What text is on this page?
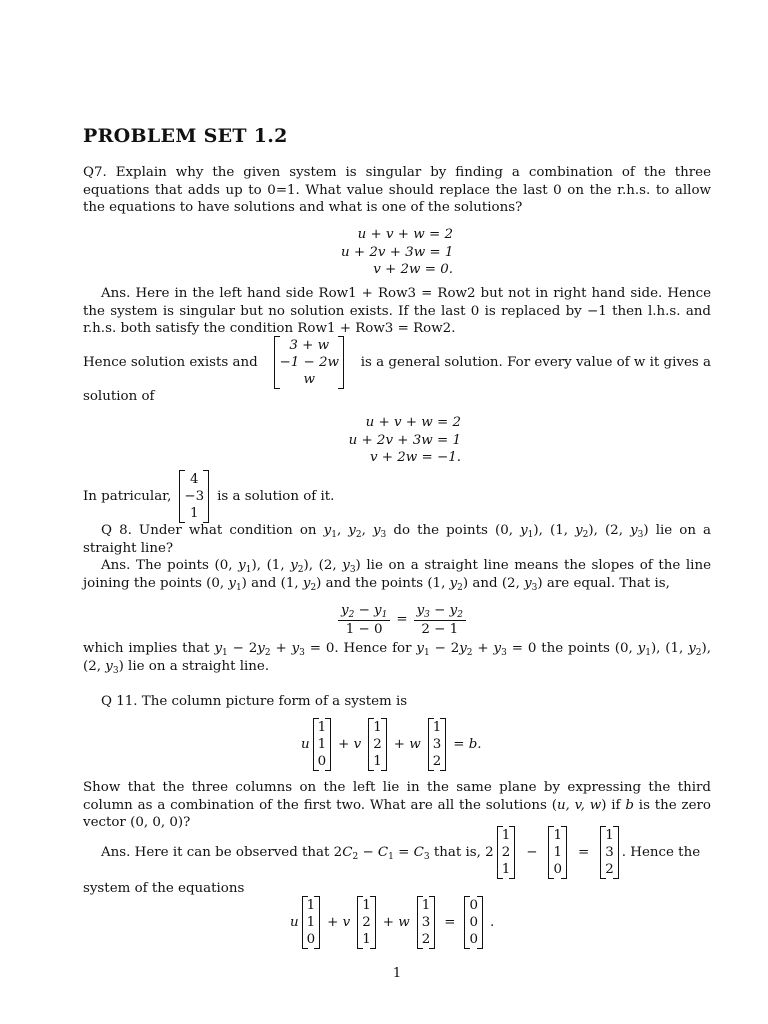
PROBLEM SET 1.2
Q7. Explain why the given system is singular by finding a combination of the three equations that adds up to 0=1. What value should replace the last 0 on the r.h.s. to allow the equations to have solutions and what is one of the solutions?
u + v + w = 2
u + 2v + 3w = 1
v + 2w = 0.
Ans. Here in the left hand side Row1 + Row3 = Row2 but not in right hand side. Hence the system is singular but no solution exists. If the last 0 is replaced by −1 then l.h.s. and r.h.s. both satisfy the condition Row1 + Row3 = Row2.
Hence solution exists and
3 + w
−1 − 2w
w
is a general solution. For every value of w it gives a
solution of
u + v + w = 2
u + 2v + 3w = 1
v + 2w = −1.
In patricular,
4
−3
1
is a solution of it.
Q 8. Under what condition on $y_1$, $y_2$, $y_3$ do the points (0, $y_1$), (1, $y_2$), (2, $y_3$) lie on a straight line?
Ans. The points (0, $y_1$), (1, $y_2$), (2, $y_3$) lie on a straight line means the slopes of the line joining the points (0, $y_1$) and (1, $y_2$) and the points (1, $y_2$) and (2, $y_3$) are equal. That is,
$\frac{y_2 - y_1}{1 - 0} = \frac{y_3 - y_2}{2 - 1}$
which implies that $y_1 - 2y_2 + y_3 = 0$. Hence for $y_1 - 2y_2 + y_3 = 0$ the points (0, $y_1$), (1, $y_2$), (2, $y_3$) lie on a straight line.
Q 11. The column picture form of a system is
u
1
1
0
+ v
1
2
1
+ w
1
3
2
= b.
Show that the three columns on the left lie in the same plane by expressing the third column as a combination of the first two. What are all the solutions (u, v, w) if b is the zero vector (0, 0, 0)?
Ans. Here it can be observed that $2C_2 - C_1 = C_3$ that is, 2
1
2
1
−
1
1
0
=
1
3
2
. Hence the
system of the equations
u
1
1
0
+ v
1
2
1
+ w
1
3
2
=
0
0
0
.
1
